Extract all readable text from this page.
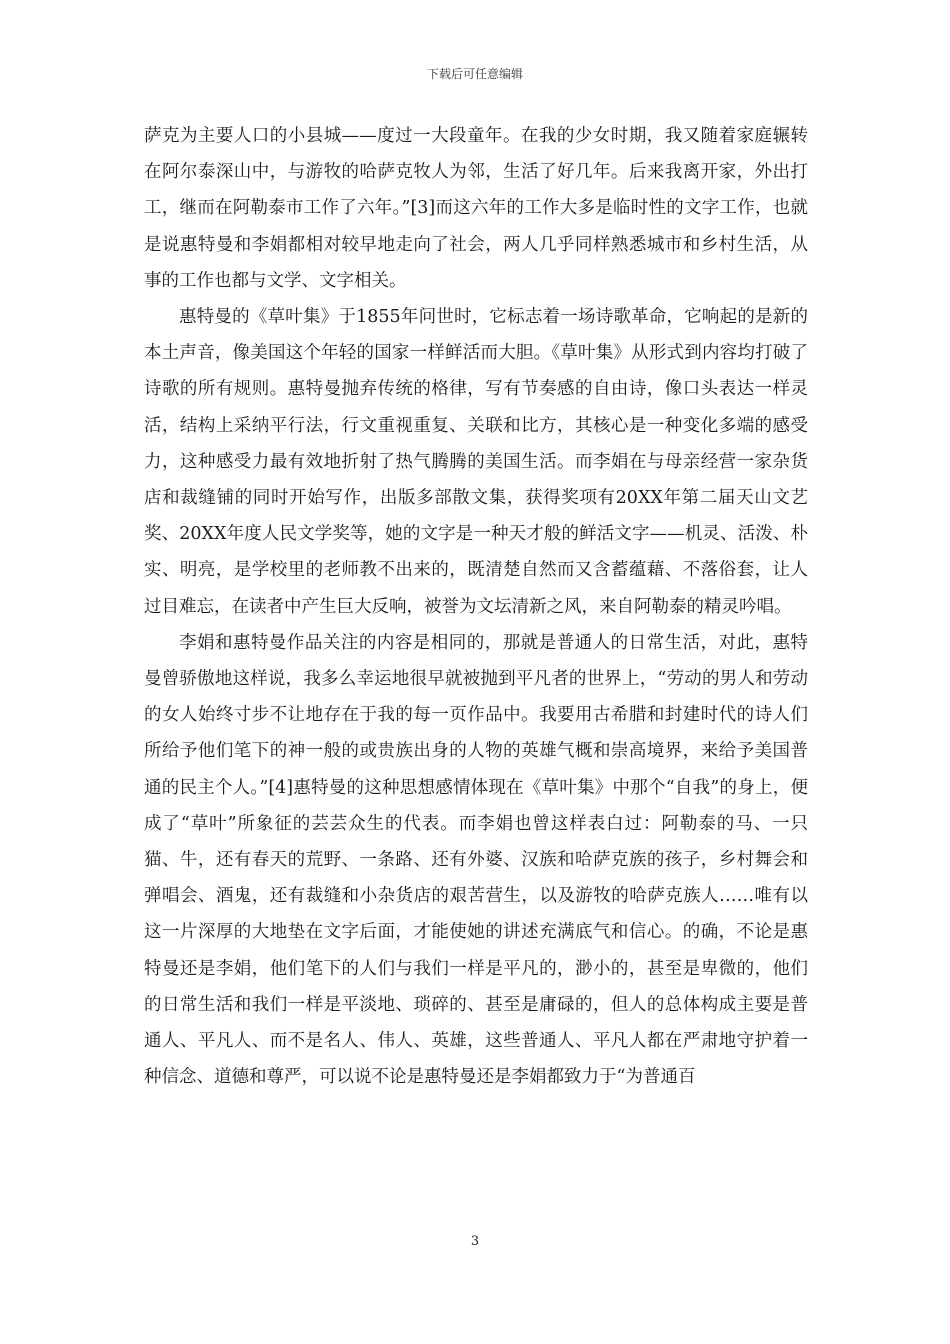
下载后可任意编辑

萨克为主要人口的小县城——度过一大段童年。在我的少女时期，我又随着家庭辗转在阿尔泰深山中，与游牧的哈萨克牧人为邻，生活了好几年。后来我离开家，外出打工，继而在阿勒泰市工作了六年。”[3]而这六年的工作大多是临时性的文字工作，也就是说惠特曼和李娟都相对较早地走向了社会，两人几乎同样熟悉城市和乡村生活，从事的工作也都与文学、文字相关。

惠特曼的《草叶集》于1855年问世时，它标志着一场诗歌革命，它响起的是新的本土声音，像美国这个年轻的国家一样鲜活而大胆。《草叶集》从形式到内容均打破了诗歌的所有规则。惠特曼抛弃传统的格律，写有节奏感的自由诗，像口头表达一样灵活，结构上采纳平行法，行文重视重复、关联和比方，其核心是一种变化多端的感受力，这种感受力最有效地折射了热气腾腾的美国生活。而李娟在与母亲经营一家杂货店和裁缝铺的同时开始写作，出版多部散文集，获得奖项有20XX年第二届天山文艺奖、20XX年度人民文学奖等，她的文字是一种天才般的鲜活文字——机灵、活泼、朴实、明亮，是学校里的老师教不出来的，既清楚自然而又含蓄蕴藉、不落俗套，让人过目难忘，在读者中产生巨大反响，被誉为文坛清新之风，来自阿勒泰的精灵吟唱。

李娟和惠特曼作品关注的内容是相同的，那就是普通人的日常生活，对此，惠特曼曾骄傲地这样说，我多么幸运地很早就被抛到平凡者的世界上，“劳动的男人和劳动的女人始终寸步不让地存在于我的每一页作品中。我要用古希腊和封建时代的诗人们所给予他们笔下的神一般的或贵族出身的人物的英雄气概和崇高境界，来给予美国普通的民主个人。”[4]惠特曼的这种思想感情体现在《草叶集》中那个“自我”的身上，便成了“草叶”所象征的芸芸众生的代表。而李娟也曾这样表白过：阿勒泰的马、一只猫、牛，还有春天的荒野、一条路、还有外婆、汉族和哈萨克族的孩子，乡村舞会和弹唱会、酒鬼，还有裁缝和小杂货店的艰苦营生，以及游牧的哈萨克族人……唯有以这一片深厚的大地垫在文字后面，才能使她的讲述充满底气和信心。的确，不论是惠特曼还是李娟，他们笔下的人们与我们一样是平凡的，渺小的，甚至是卑微的，他们的日常生活和我们一样是平淡地、琐碎的、甚至是庸碌的，但人的总体构成主要是普通人、平凡人、而不是名人、伟人、英雄，这些普通人、平凡人都在严肃地守护着一种信念、道德和尊严，可以说不论是惠特曼还是李娟都致力于“为普通百

3
